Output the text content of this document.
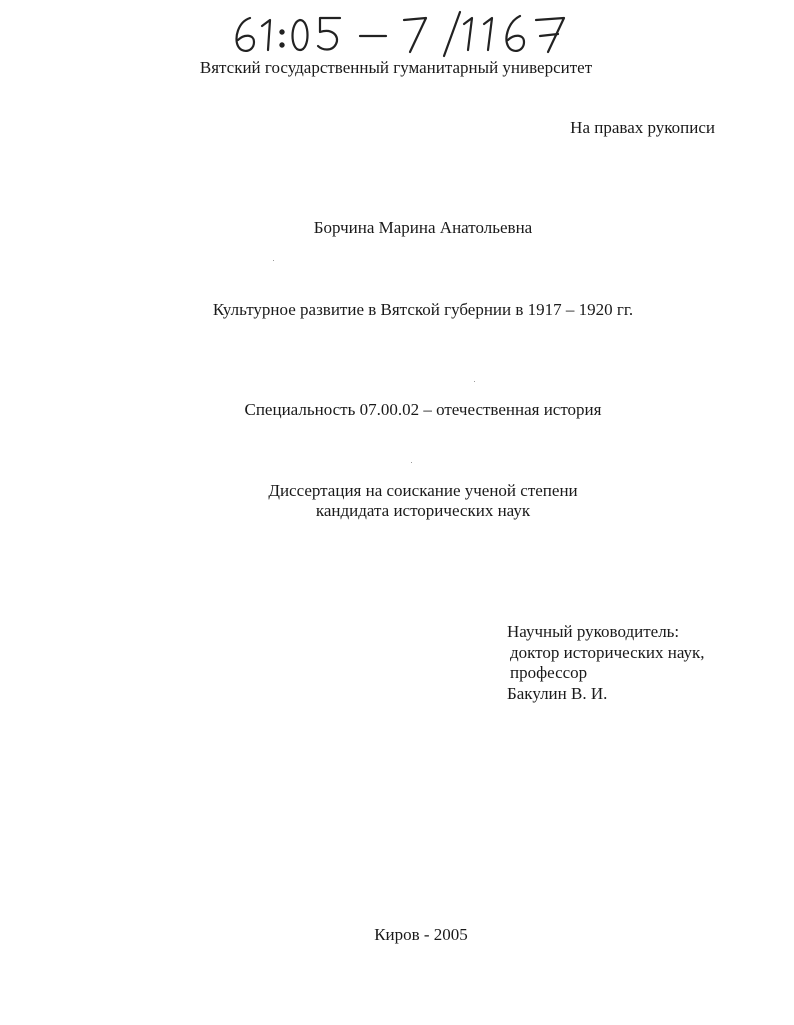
Вятский государственный гуманитарный университет
На правах рукописи
Борчина Марина Анатольевна
Культурное развитие в Вятской губернии в 1917 – 1920 гг.
Специальность 07.00.02 – отечественная история
Диссертация на соискание ученой степени
кандидата исторических наук
Научный руководитель:
доктор исторических наук,
профессор
Бакулин В. И.
Киров - 2005
